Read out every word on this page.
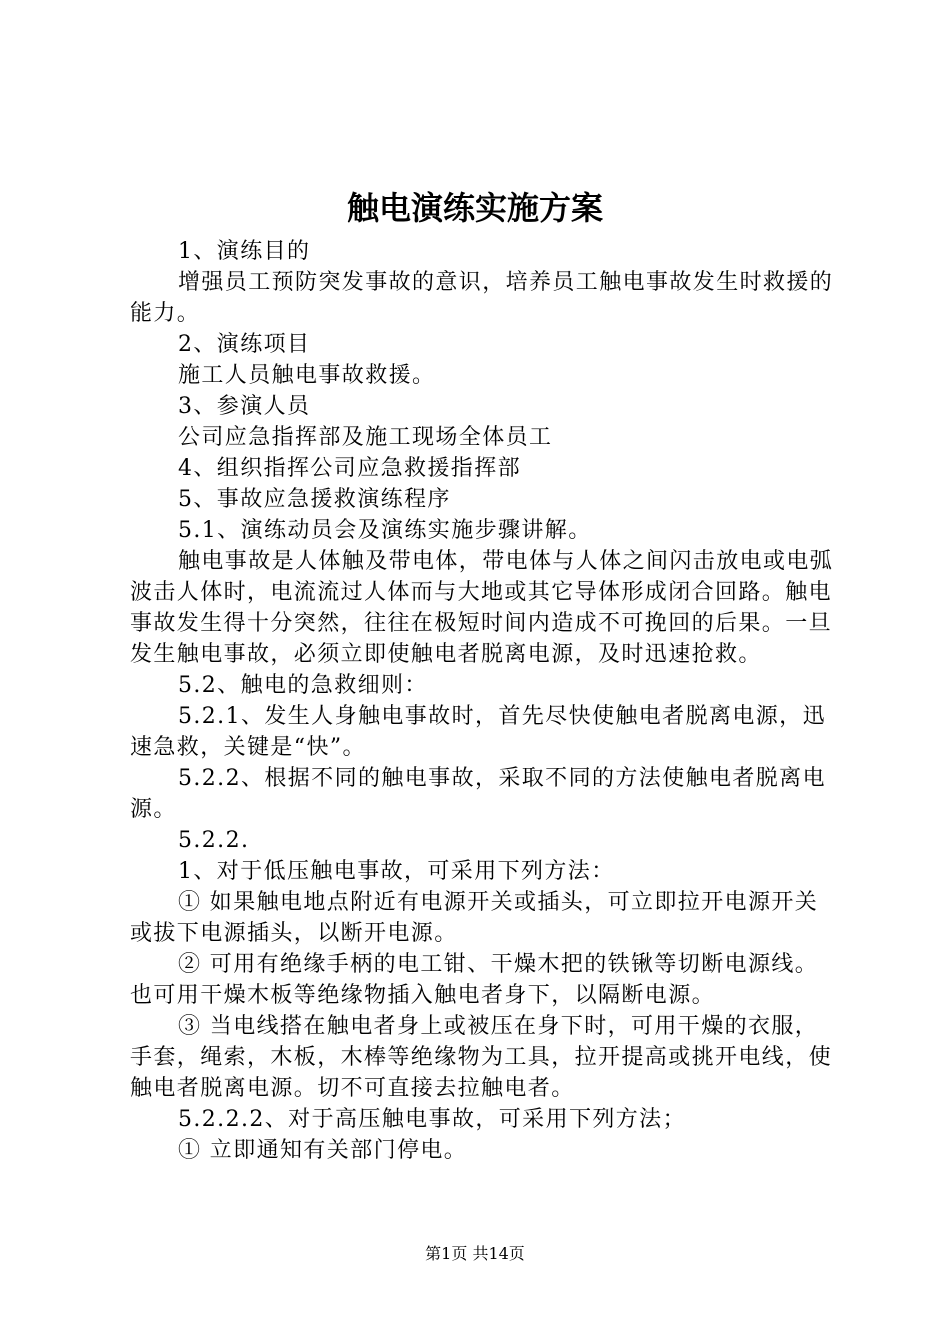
触电演练实施方案

1、演练目的

增强员工预防突发事故的意识，培养员工触电事故发生时救援的能力。

2、演练项目

施工人员触电事故救援。

3、参演人员

公司应急指挥部及施工现场全体员工

4、组织指挥公司应急救援指挥部

5、事故应急援救演练程序

5.1、演练动员会及演练实施步骤讲解。

触电事故是人体触及带电体，带电体与人体之间闪击放电或电弧波击人体时，电流流过人体而与大地或其它导体形成闭合回路。触电事故发生得十分突然，往往在极短时间内造成不可挽回的后果。一旦发生触电事故，必须立即使触电者脱离电源，及时迅速抢救。

5.2、触电的急救细则：

5.2.1、发生人身触电事故时，首先尽快使触电者脱离电源，迅速急救，关键是“快”。

5.2.2、根据不同的触电事故，采取不同的方法使触电者脱离电源。

5.2.2.

1、对于低压触电事故，可采用下列方法：

① 如果触电地点附近有电源开关或插头，可立即拉开电源开关或拔下电源插头，以断开电源。

② 可用有绝缘手柄的电工钳、干燥木把的铁锹等切断电源线。也可用干燥木板等绝缘物插入触电者身下，以隔断电源。

③ 当电线搭在触电者身上或被压在身下时，可用干燥的衣服，手套，绳索，木板，木棒等绝缘物为工具，拉开提高或挑开电线，使触电者脱离电源。切不可直接去拉触电者。

5.2.2.2、对于高压触电事故，可采用下列方法；

① 立即通知有关部门停电。

第1页 共14页
